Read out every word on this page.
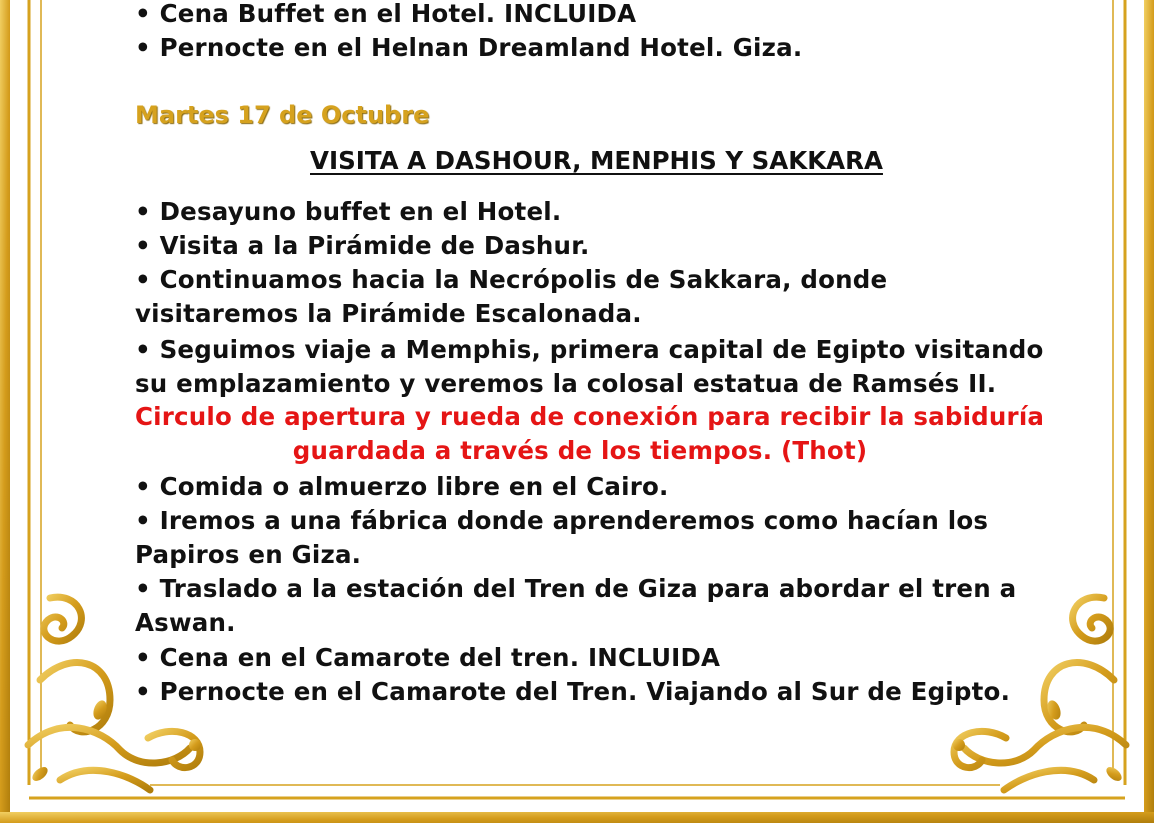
• Cena Buffet en el Hotel. INCLUIDA
• Pernocte en el Helnan Dreamland Hotel. Giza.
• Desayuno buffet en el Hotel.
• Visita a la Pirámide de Dashur.
• Continuamos hacia la Necrópolis de Sakkara, donde
visitaremos la Pirámide Escalonada.
• Seguimos viaje a Memphis, primera capital de Egipto visitando
su emplazamiento y veremos la colosal estatua de Ramsés II.
Circulo de apertura y rueda de conexión para recibir la sabiduría
guardada a través de los tiempos. (Thot)
• Comida o almuerzo libre en el Cairo.
• Iremos a una fábrica donde aprenderemos como hacían los
Papiros en Giza.
• Traslado a la estación del Tren de Giza para abordar el tren a
Aswan.
• Cena en el Camarote del tren. INCLUIDA
• Pernocte en el Camarote del Tren. Viajando al Sur de Egipto.
Martes 17 de Octubre
VISITA A DASHOUR, MENPHIS Y SAKKARA
